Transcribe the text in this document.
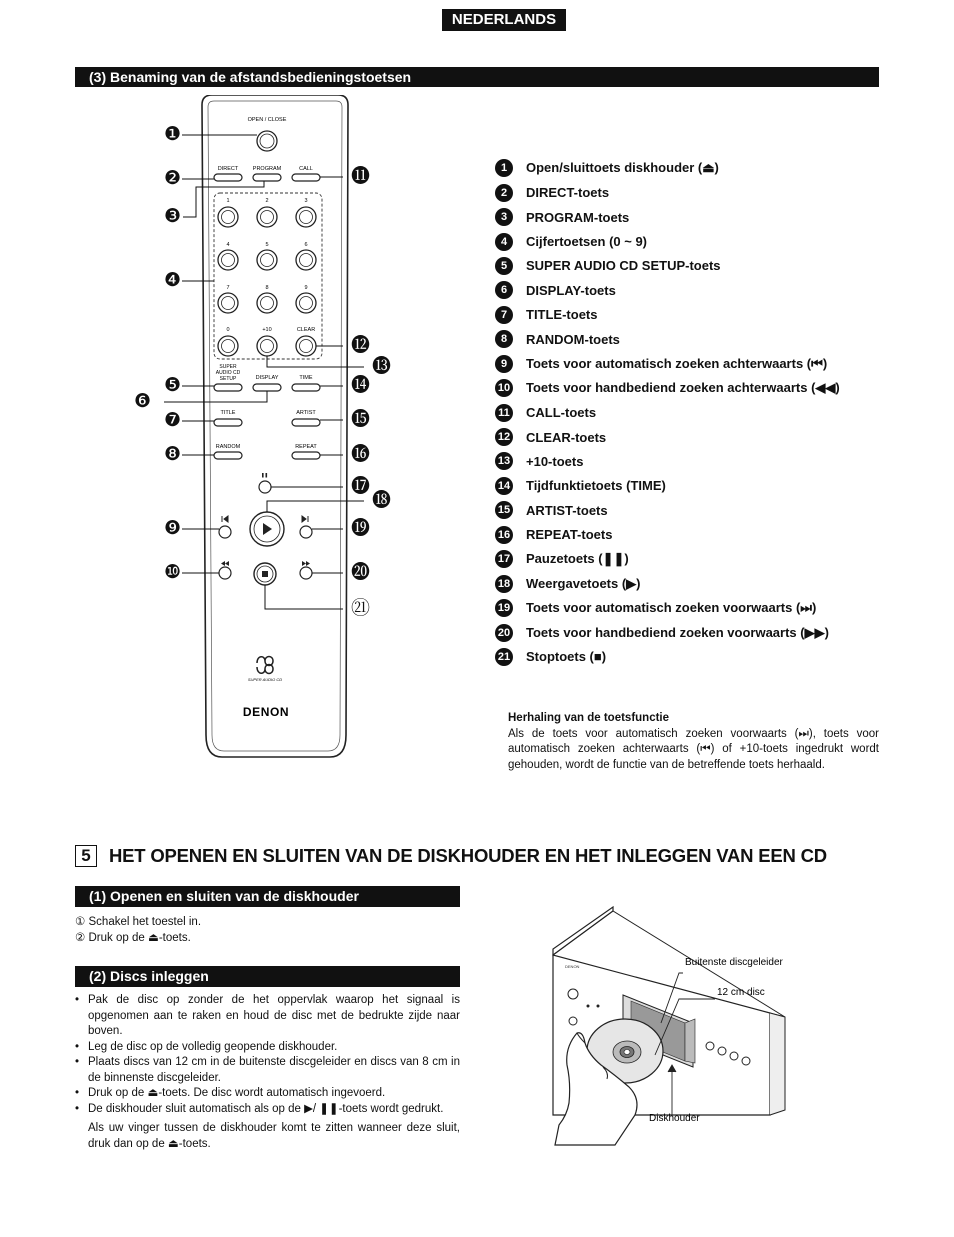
NEDERLANDS
(3) Benaming van de afstandsbedieningstoetsen
OPEN / CLOSE
DIRECT	PROGRAM	CALL
1	2	3
4	5	6
7	8	9
0	+10	CLEAR
SUPER
AUDIO CD
SETUP	DISPLAY	TIME
TITLE	ARTIST
RANDOM	REPEAT
SUPER AUDIO CD
DENON
❶
❷
❸
❹
❺
❻
❼
❽
❾
❿
⓫
⓬
⓭
⓮
⓯
⓰
⓱
⓲
⓳
⓴
㉑
1	Open/sluittoets diskhouder (⏏)
2	DIRECT-toets
3	PROGRAM-toets
4	Cijfertoetsen (0 ~ 9)
5	SUPER AUDIO CD SETUP-toets
6	DISPLAY-toets
7	TITLE-toets
8	RANDOM-toets
9	Toets voor automatisch zoeken achterwaarts (⏮)
10 Toets voor handbediend zoeken achterwaarts (◀◀)
11 CALL-toets
12 CLEAR-toets
13 +10-toets
14 Tijdfunktietoets (TIME)
15 ARTIST-toets
16 REPEAT-toets
17 Pauzetoets (❚❚)
18 Weergavetoets (▶)
19 Toets voor automatisch zoeken voorwaarts (⏭)
20 Toets voor handbediend zoeken voorwaarts (▶▶)
21 Stoptoets (■)
Herhaling van de toetsfunctie
Als de toets voor automatisch zoeken voorwaarts (⏭), toets voor automatisch zoeken achterwaarts (⏮) of +10-toets ingedrukt wordt gehouden, wordt de functie van de betreffende toets herhaald.
5 HET OPENEN EN SLUITEN VAN DE DISKHOUDER EN HET INLEGGEN VAN EEN CD
(1) Openen en sluiten van de diskhouder
① Schakel het toestel in.
② Druk op de ⏏-toets.
(2) Discs inleggen
• Pak de disc op zonder de het oppervlak waarop het signaal is opgenomen aan te raken en houd de disc met de bedrukte zijde naar boven.
• Leg de disc op de volledig geopende diskhouder.
• Plaats discs van 12 cm in de buitenste discgeleider en discs van 8 cm in de binnenste discgeleider.
• Druk op de ⏏-toets. De disc wordt automatisch ingevoerd.
• De diskhouder sluit automatisch als op de ▶/ ❚❚-toets wordt gedrukt.
Als uw vinger tussen de diskhouder komt te zitten wanneer deze sluit, druk dan op de ⏏-toets.
DENON	Buitenste discgeleider
12 cm disc
Diskhouder
